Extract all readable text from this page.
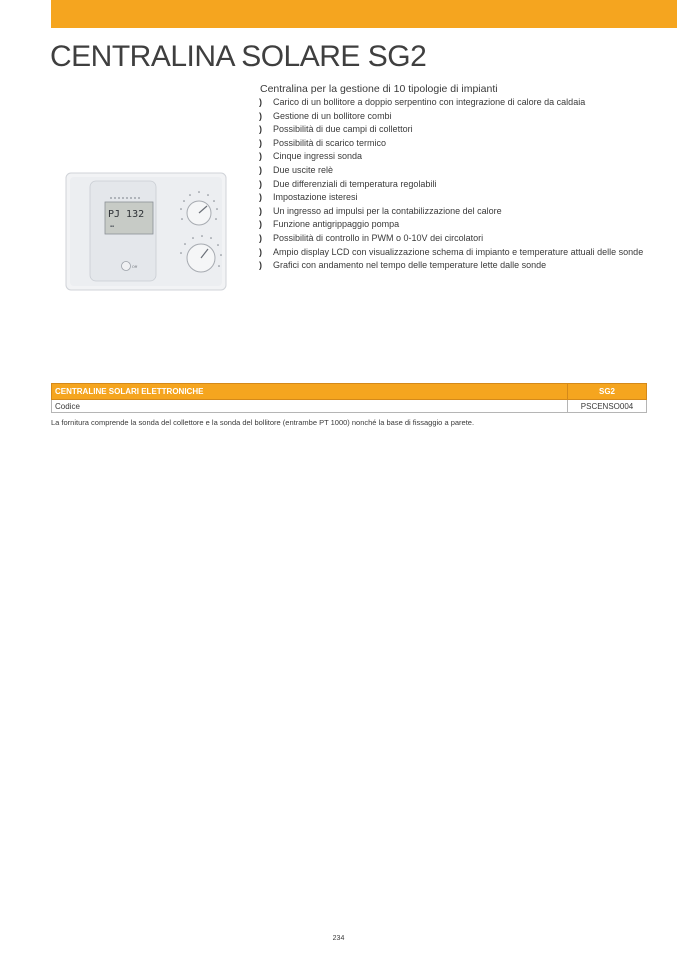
CENTRALINA SOLARE SG2
PJ 132
▪▪
Off

Centralina per la gestione di 10 tipologie di impianti

) Carico di un bollitore a doppio serpentino con integrazione di calore da caldaia
) Gestione di un bollitore combi
) Possibilità di due campi di collettori
) Possibilità di scarico termico
) Cinque ingressi sonda
) Due uscite relè
) Due differenziali di temperatura regolabili
) Impostazione isteresi
) Un ingresso ad impulsi per la contabilizzazione del calore
) Funzione antigrippaggio pompa
) Possibilità di controllo in PWM o 0-10V dei circolatori
) Ampio display LCD con visualizzazione schema di impianto e temperature attuali delle sonde
) Grafici con andamento nel tempo delle temperature lette dalle sonde
CENTRALINE SOLARI ELETTRONICHE	SG2
Codice	PSCENSO004

La fornitura comprende la sonda del collettore e la sonda del bollitore (entrambe PT 1000) nonché la base di fissaggio a parete.

234
